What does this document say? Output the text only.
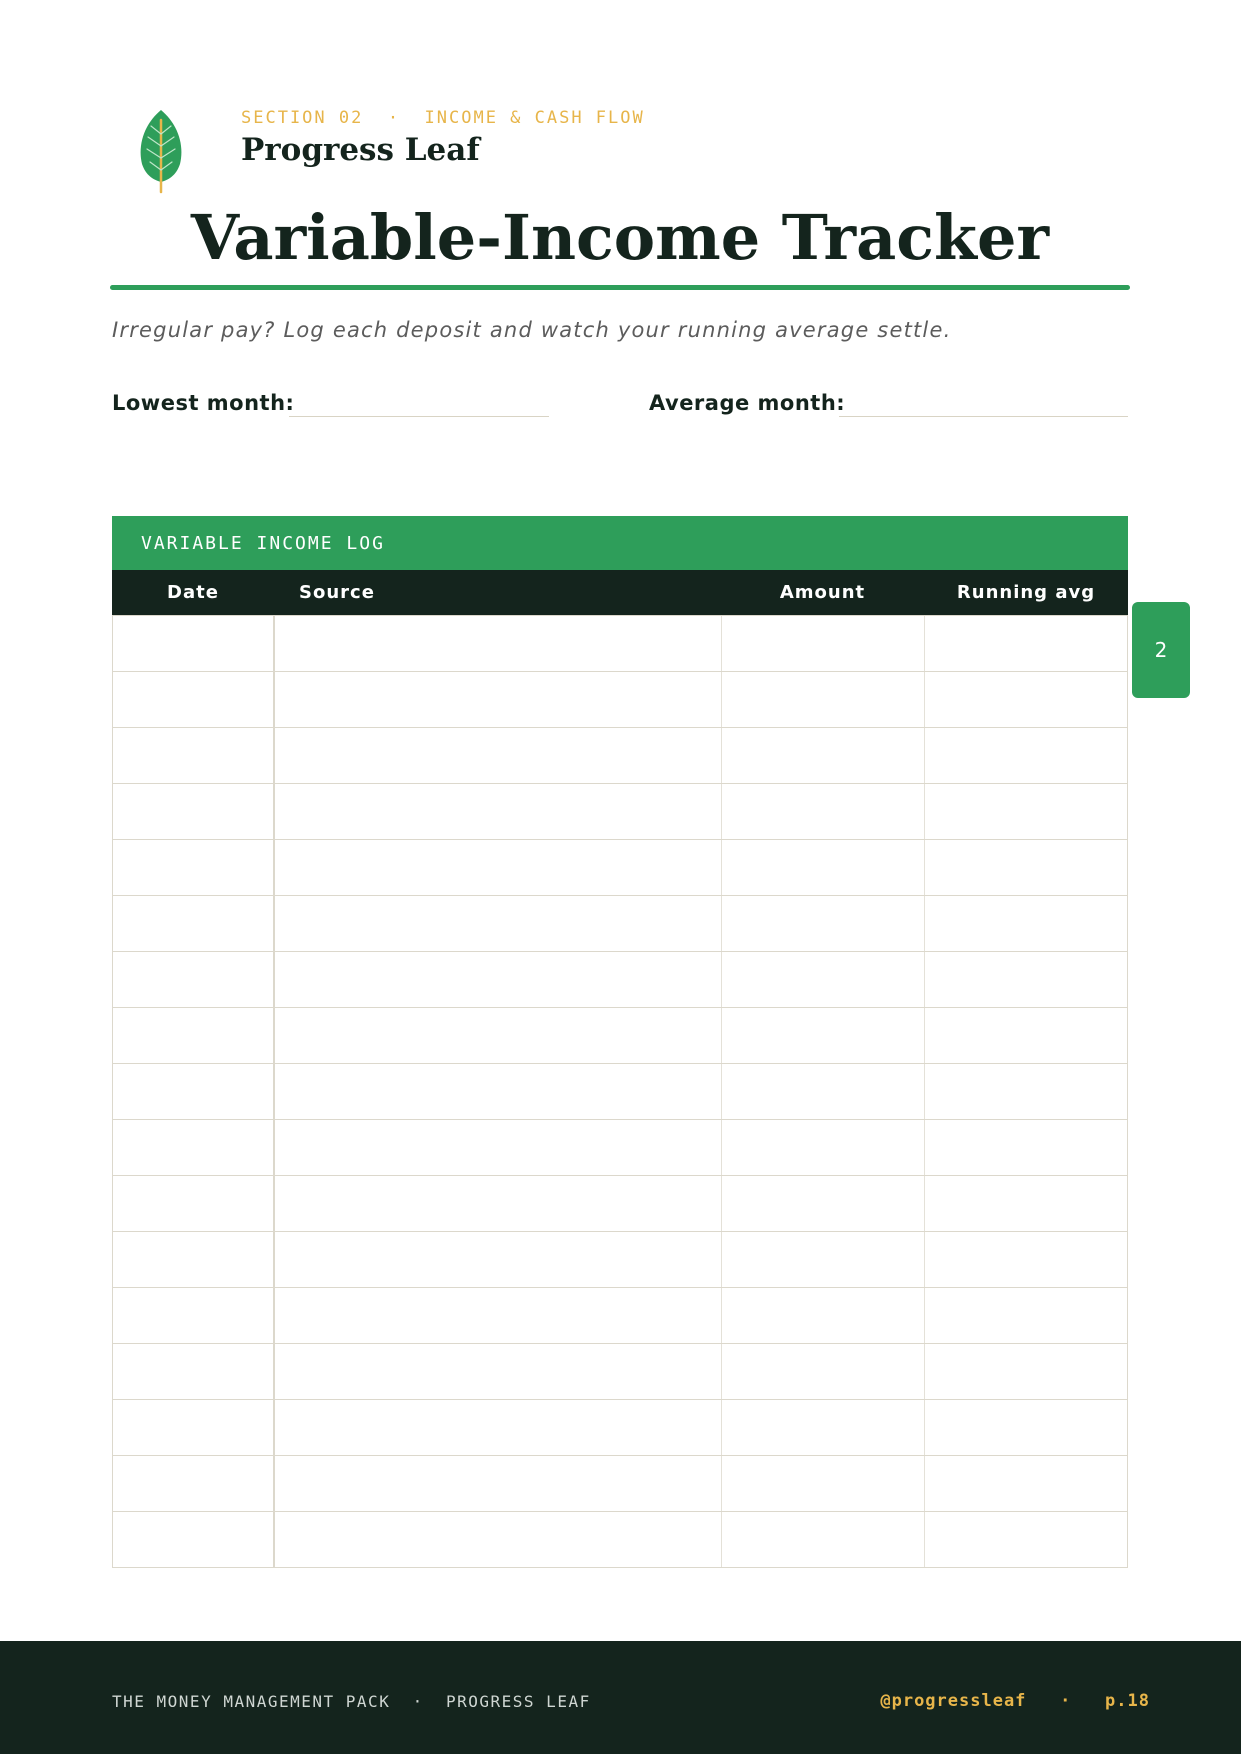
SECTION 02  ·  INCOME & CASH FLOW
Progress Leaf
Variable-Income Tracker
Irregular pay? Log each deposit and watch your running average settle.
Lowest month:	Average month:
VARIABLE INCOME LOG
Date	Source	Amount	Running avg
2
THE MONEY MANAGEMENT PACK  ·  PROGRESS LEAF	@progressleaf   ·   p.18
